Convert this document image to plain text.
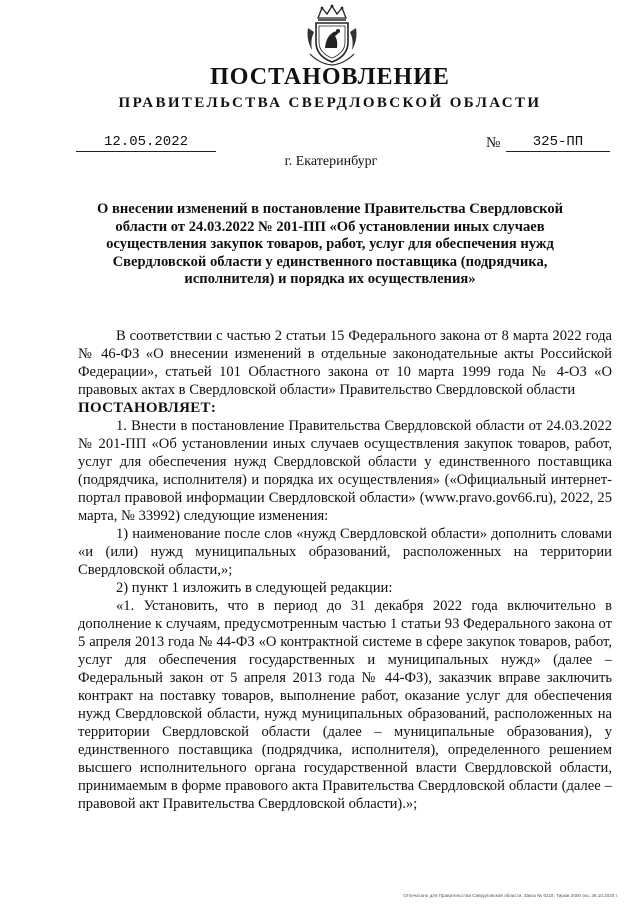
ПОСТАНОВЛЕНИЕ
ПРАВИТЕЛЬСТВА СВЕРДЛОВСКОЙ ОБЛАСТИ
12.05.2022	№	325-ПП
г. Екатеринбург
О внесении изменений в постановление Правительства Свердловской области от 24.03.2022 № 201-ПП «Об установлении иных случаев осуществления закупок товаров, работ, услуг для обеспечения нужд Свердловской области у единственного поставщика (подрядчика, исполнителя) и порядка их осуществления»

В соответствии с частью 2 статьи 15 Федерального закона от 8 марта 2022 года № 46-ФЗ «О внесении изменений в отдельные законодательные акты Российской Федерации», статьей 101 Областного закона от 10 марта 1999 года № 4-ОЗ «О правовых актах в Свердловской области» Правительство Свердловской области

ПОСТАНОВЛЯЕТ:

1. Внести в постановление Правительства Свердловской области от 24.03.2022 № 201-ПП «Об установлении иных случаев осуществления закупок товаров, работ, услуг для обеспечения нужд Свердловской области у единственного поставщика (подрядчика, исполнителя) и порядка их осуществления» («Официальный интернет-портал правовой информации Свердловской области» (www.pravo.gov66.ru), 2022, 25 марта, № 33992) следующие изменения:

1) наименование после слов «нужд Свердловской области» дополнить словами «и (или) нужд муниципальных образований, расположенных на территории Свердловской области,»;

2) пункт 1 изложить в следующей редакции:

«1. Установить, что в период до 31 декабря 2022 года включительно в дополнение к случаям, предусмотренным частью 1 статьи 93 Федерального закона от 5 апреля 2013 года № 44-ФЗ «О контрактной системе в сфере закупок товаров, работ, услуг для обеспечения государственных и муниципальных нужд» (далее – Федеральный закон от 5 апреля 2013 года № 44-ФЗ), заказчик вправе заключить контракт на поставку товаров, выполнение работ, оказание услуг для обеспечения нужд Свердловской области, нужд муниципальных образований, расположенных на территории Свердловской области (далее – муниципальные образования), у единственного поставщика (подрядчика, исполнителя), определенного решением высшего исполнительного органа государственной власти Свердловской области, принимаемым в форме правового акта Правительства Свердловской области (далее – правовой акт Правительства Свердловской области).»;

Отпечатано для Правительства Свердловской области. Заказ № 6218. Тираж 2000 экз. 26.10.2020 г.
